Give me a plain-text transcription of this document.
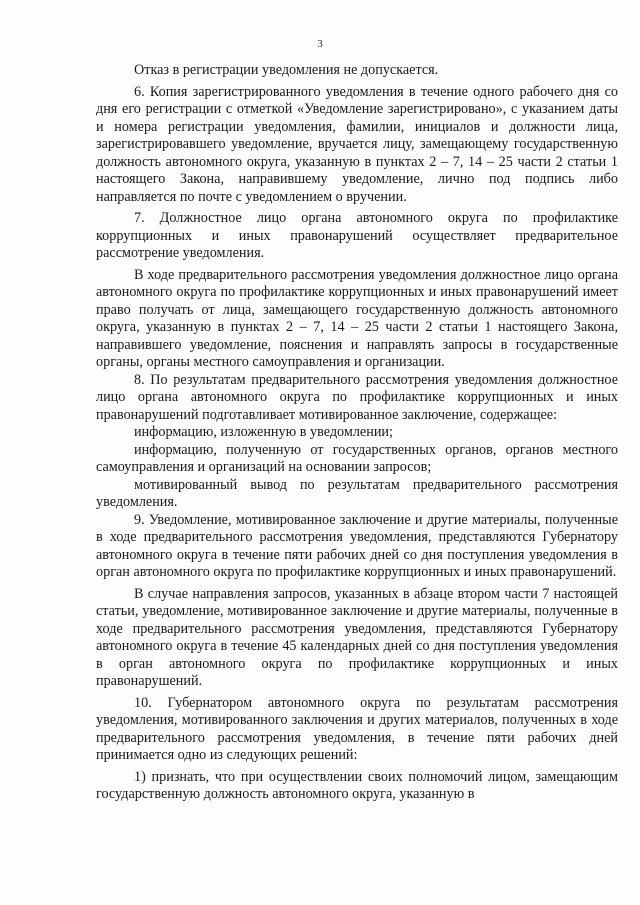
3

Отказ в регистрации уведомления не допускается.

6. Копия зарегистрированного уведомления в течение одного рабочего дня со дня его регистрации с отметкой «Уведомление зарегистрировано», с указанием даты и номера регистрации уведомления, фамилии, инициалов и должности лица, зарегистрировавшего уведомление, вручается лицу, замещающему государственную должность автономного округа, указанную в пунктах 2 – 7, 14 – 25 части 2 статьи 1 настоящего Закона, направившему уведомление, лично под подпись либо направляется по почте с уведомлением о вручении.

7. Должностное лицо органа автономного округа по профилактике коррупционных и иных правонарушений осуществляет предварительное рассмотрение уведомления.

В ходе предварительного рассмотрения уведомления должностное лицо органа автономного округа по профилактике коррупционных и иных правонарушений имеет право получать от лица, замещающего государственную должность автономного округа, указанную в пунктах 2 – 7, 14 – 25 части 2 статьи 1 настоящего Закона, направившего уведомление, пояснения и направлять запросы в государственные органы, органы местного самоуправления и организации.

8. По результатам предварительного рассмотрения уведомления должностное лицо органа автономного округа по профилактике коррупционных и иных правонарушений подготавливает мотивированное заключение, содержащее:

информацию, изложенную в уведомлении;

информацию, полученную от государственных органов, органов местного самоуправления и организаций на основании запросов;

мотивированный вывод по результатам предварительного рассмотрения уведомления.

9. Уведомление, мотивированное заключение и другие материалы, полученные в ходе предварительного рассмотрения уведомления, представляются Губернатору автономного округа в течение пяти рабочих дней со дня поступления уведомления в орган автономного округа по профилактике коррупционных и иных правонарушений.

В случае направления запросов, указанных в абзаце втором части 7 настоящей статьи, уведомление, мотивированное заключение и другие материалы, полученные в ходе предварительного рассмотрения уведомления, представляются Губернатору автономного округа в течение 45 календарных дней со дня поступления уведомления в орган автономного округа по профилактике коррупционных и иных правонарушений.

10. Губернатором автономного округа по результатам рассмотрения уведомления, мотивированного заключения и других материалов, полученных в ходе предварительного рассмотрения уведомления, в течение пяти рабочих дней принимается одно из следующих решений:

1) признать, что при осуществлении своих полномочий лицом, замещающим государственную должность автономного округа, указанную в
